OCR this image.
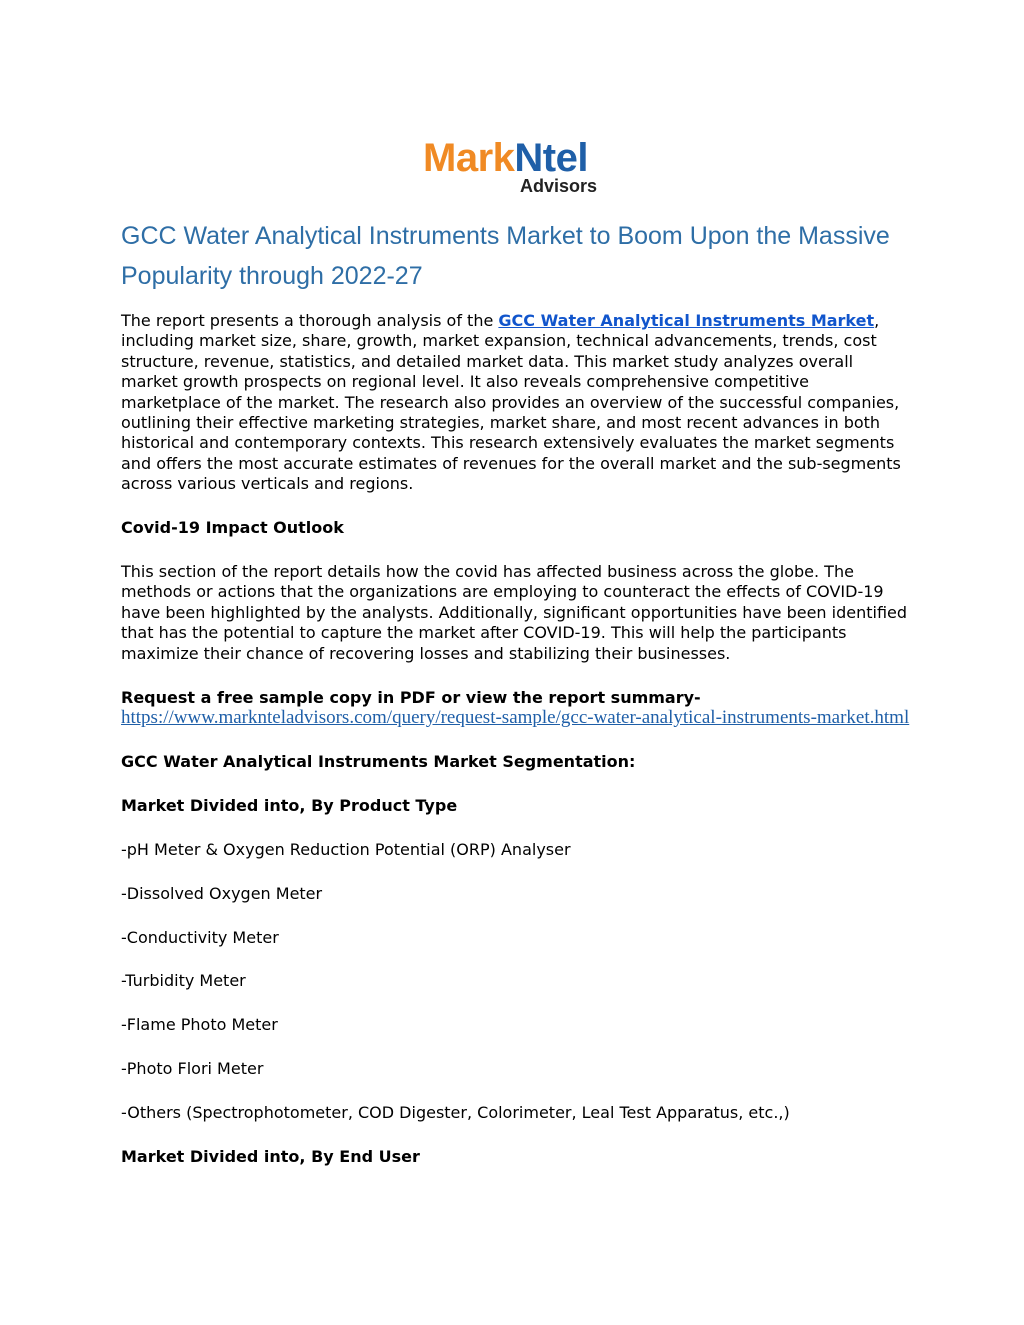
MarkNtel
Advisors
GCC Water Analytical Instruments Market to Boom Upon the Massive Popularity through 2022-27

The report presents a thorough analysis of the GCC Water Analytical Instruments Market, including market size, share, growth, market expansion, technical advancements, trends, cost structure, revenue, statistics, and detailed market data. This market study analyzes overall market growth prospects on regional level. It also reveals comprehensive competitive marketplace of the market. The research also provides an overview of the successful companies, outlining their effective marketing strategies, market share, and most recent advances in both historical and contemporary contexts. This research extensively evaluates the market segments and offers the most accurate estimates of revenues for the overall market and the sub-segments across various verticals and regions.

Covid-19 Impact Outlook

This section of the report details how the covid has affected business across the globe. The methods or actions that the organizations are employing to counteract the effects of COVID-19 have been highlighted by the analysts. Additionally, significant opportunities have been identified that has the potential to capture the market after COVID-19. This will help the participants maximize their chance of recovering losses and stabilizing their businesses.

Request a free sample copy in PDF or view the report summary- https://www.marknteladvisors.com/query/request-sample/gcc-water-analytical-instruments-market.html

GCC Water Analytical Instruments Market Segmentation:

Market Divided into, By Product Type

-pH Meter & Oxygen Reduction Potential (ORP) Analyser

-Dissolved Oxygen Meter

-Conductivity Meter

-Turbidity Meter

-Flame Photo Meter

-Photo Flori Meter

-Others (Spectrophotometer, COD Digester, Colorimeter, Leal Test Apparatus, etc.,)

Market Divided into, By End User
